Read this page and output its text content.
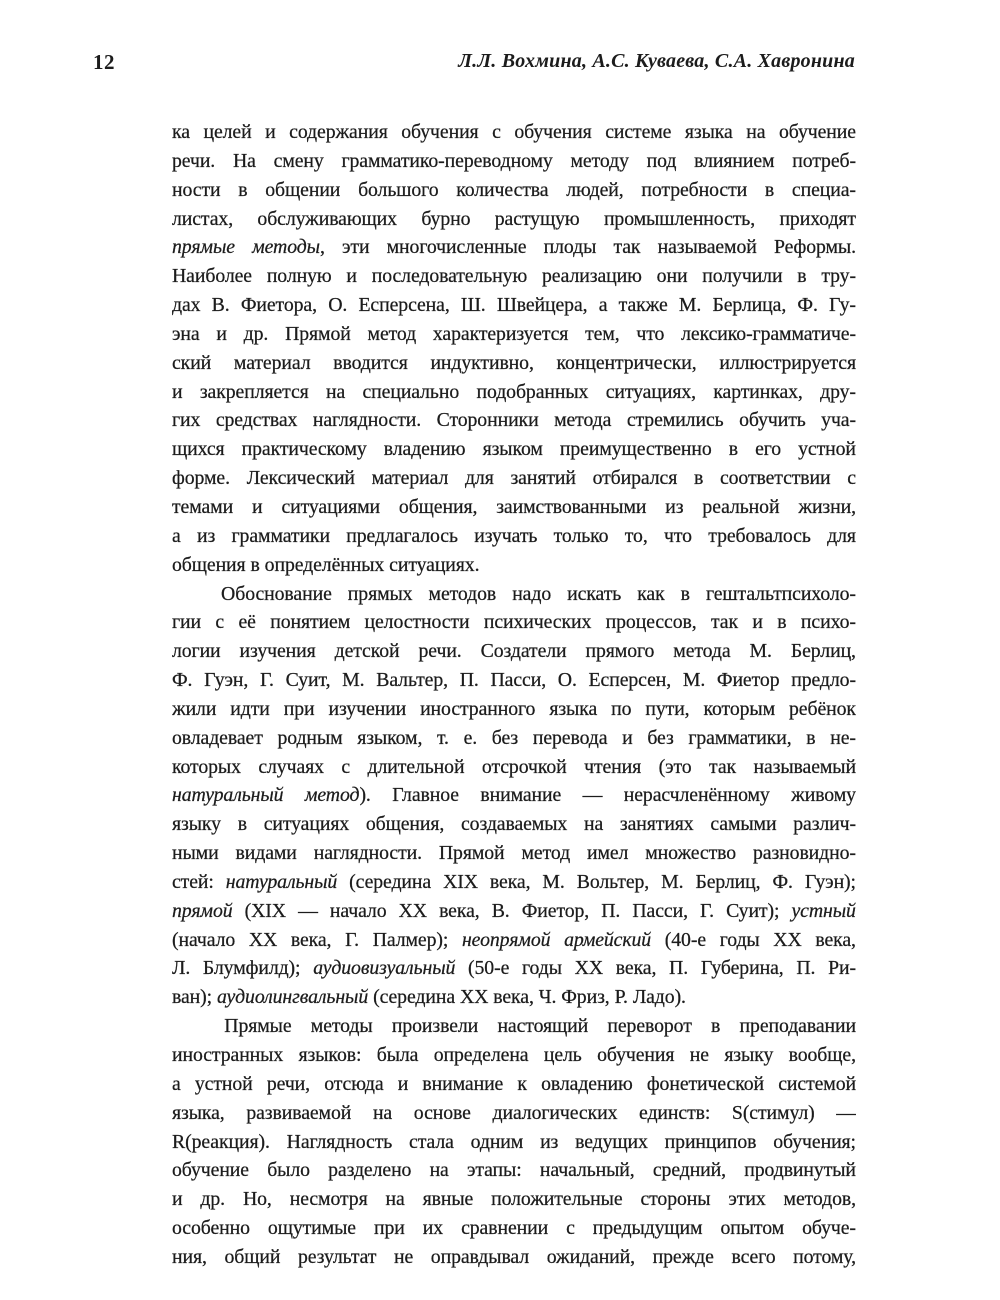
12	Л.Л. Вохмина, А.С. Куваева, С.А. Хавронина
ка целей и содержания обучения с обучения системе языка на обучение
речи. На смену грамматико-переводному методу под влиянием потреб-
ности в общении большого количества людей, потребности в специа-
листах, обслуживающих бурно растущую промышленность, приходят
прямые методы, эти многочисленные плоды так называемой Реформы.
Наиболее полную и последовательную реализацию они получили в тру-
дах В. Фиетора, О. Есперсена, Ш. Швейцера, а также М. Берлица, Ф. Гу-
эна и др. Прямой метод характеризуется тем, что лексико-грамматиче-
ский материал вводится индуктивно, концентрически, иллюстрируется
и закрепляется на специально подобранных ситуациях, картинках, дру-
гих средствах наглядности. Сторонники метода стремились обучить уча-
щихся практическому владению языком преимущественно в его устной
форме. Лексический материал для занятий отбирался в соответствии с
темами и ситуациями общения, заимствованными из реальной жизни,
а из грамматики предлагалось изучать только то, что требовалось для
общения в определённых ситуациях.
Обоснование прямых методов надо искать как в гештальтпсихоло-
гии с её понятием целостности психических процессов, так и в психо-
логии изучения детской речи. Создатели прямого метода М. Берлиц,
Ф. Гуэн, Г. Суит, М. Вальтер, П. Пасси, О. Есперсен, М. Фиетор предло-
жили идти при изучении иностранного языка по пути, которым ребёнок
овладевает родным языком, т. е. без перевода и без грамматики, в не-
которых случаях с длительной отсрочкой чтения (это так называемый
натуральный метод). Главное внимание — нерасчленённому живому
языку в ситуациях общения, создаваемых на занятиях самыми различ-
ными видами наглядности. Прямой метод имел множество разновидно-
стей: натуральный (середина XIX века, М. Вольтер, М. Берлиц, Ф. Гуэн);
прямой (XIX — начало XX века, В. Фиетор, П. Пасси, Г. Суит); устный
(начало XX века, Г. Палмер); неопрямой армейский (40-е годы XX века,
Л. Блумфилд); аудиовизуальный (50-е годы XX века, П. Губерина, П. Ри-
ван); аудиолингвальный (середина XX века, Ч. Фриз, Р. Ладо).
Прямые методы произвели настоящий переворот в преподавании
иностранных языков: была определена цель обучения не языку вообще,
а устной речи, отсюда и внимание к овладению фонетической системой
языка, развиваемой на основе диалогических единств: S(стимул) —
R(реакция). Наглядность стала одним из ведущих принципов обучения;
обучение было разделено на этапы: начальный, средний, продвинутый
и др. Но, несмотря на явные положительные стороны этих методов,
особенно ощутимые при их сравнении с предыдущим опытом обуче-
ния, общий результат не оправдывал ожиданий, прежде всего потому,
